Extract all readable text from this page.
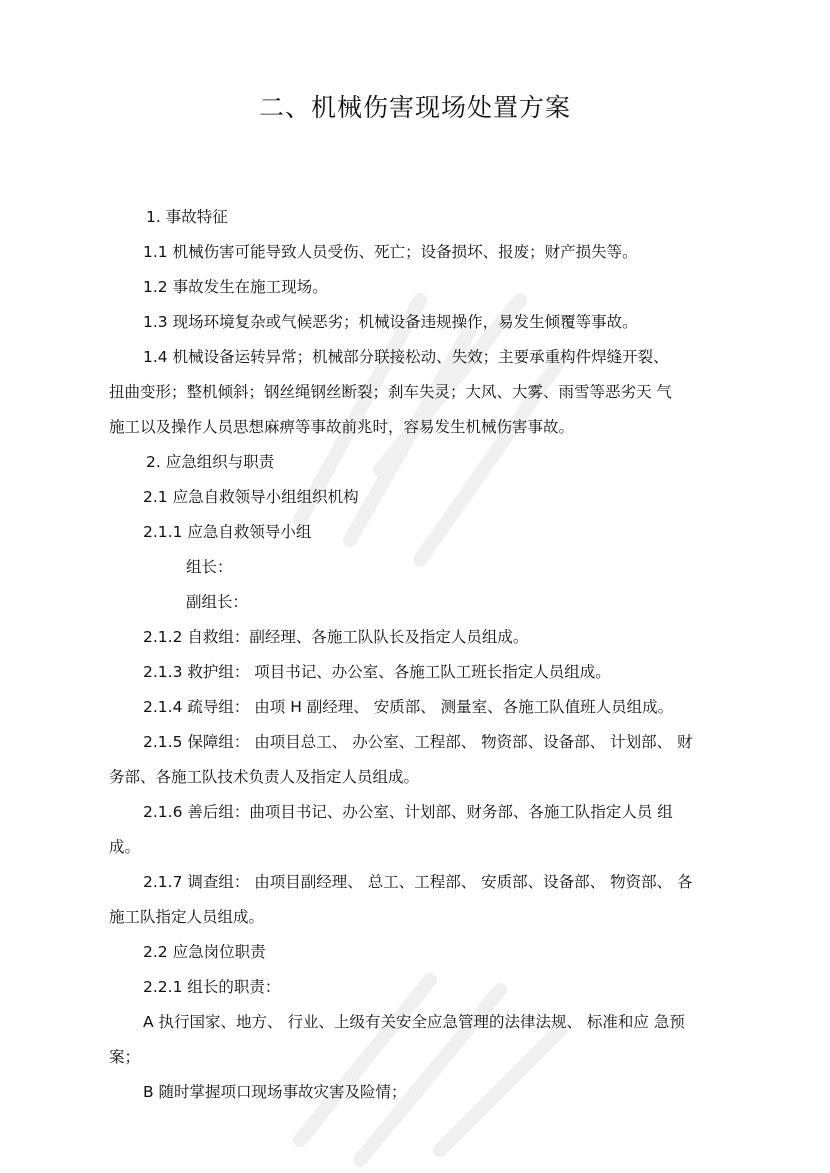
二、机械伤害现场处置方案

1. 事故特征

1.1 机械伤害可能导致人员受伤、死亡；设备损坏、报废；财产损失等。

1.2 事故发生在施工现场。

1.3 现场环境复杂或气候恶劣；机械设备违规操作，易发生倾覆等事故。

1.4 机械设备运转异常；机械部分联接松动、失效；主要承重构件焊缝开裂、

扭曲变形；整机倾斜；钢丝绳钢丝断裂；刹车失灵；大风、大雾、雨雪等恶劣天 气

施工以及操作人员思想麻痹等事故前兆时，容易发生机械伤害事故。

2. 应急组织与职责

2.1 应急自救领导小组组织机构

2.1.1 应急自救领导小组

组长：

副组长：

2.1.2 自救组：副经理、各施工队队长及指定人员组成。

2.1.3 救护组： 项目书记、办公室、各施工队工班长指定人员组成。

2.1.4 疏导组： 由项 H 副经理、 安质部、 测量室、各施工队值班人员组成。

2.1.5 保障组： 由项目总工、 办公室、工程部、 物资部、设备部、 计划部、 财

务部、各施工队技术负责人及指定人员组成。

2.1.6 善后组：曲项目书记、办公室、计划部、财务部、各施工队指定人员 组

成。

2.1.7 调查组： 由项目副经理、 总工、工程部、 安质部、设备部、 物资部、 各

施工队指定人员组成。

2.2 应急岗位职责

2.2.1 组长的职责：

A 执行国家、地方、 行业、上级有关安全应急管理的法律法规、 标准和应 急预

案；

B 随时掌握项口现场事故灾害及险情；
